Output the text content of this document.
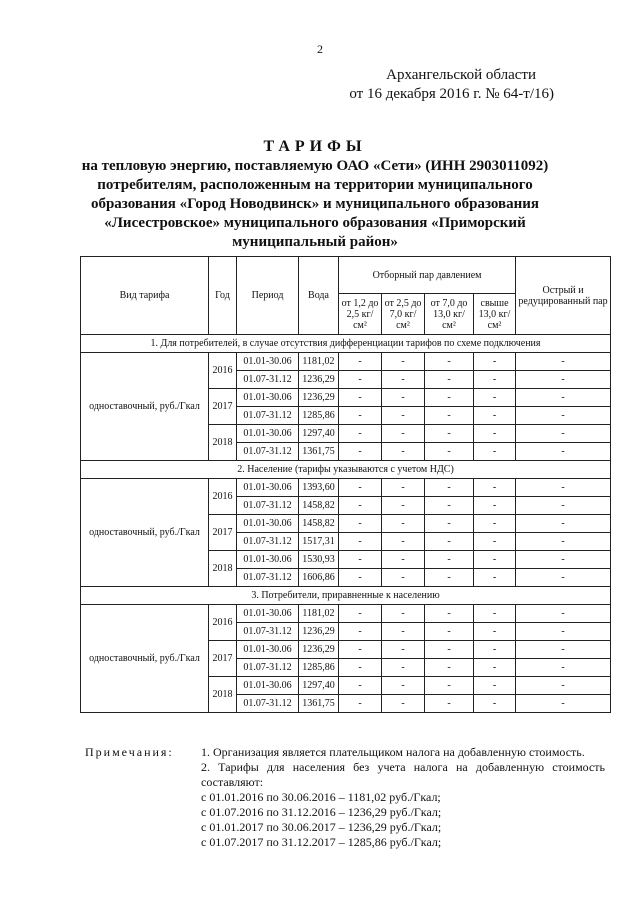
2
Архангельской области
от 16 декабря 2016 г. № 64-т/16)
ТАРИФЫ
на тепловую энергию, поставляемую ОАО «Сети» (ИНН 2903011092)
потребителям, расположенным на территории муниципального
образования «Город Новодвинск» и муниципального образования
«Лисестровское» муниципального образования «Приморский
муниципальный район»
Вид тарифа	Год	Период	Вода	Отборный пар давлением				Острый и редуцированный пар
				от 1,2 до 2,5 кг/см²	от 2,5 до 7,0 кг/см²	от 7,0 до 13,0 кг/см²	свыше 13,0 кг/см²	
1. Для потребителей, в случае отсутствия дифференциации тарифов по схеме подключения								
одноставочный, руб./Гкал	2016	01.01-30.06	1181,02	-	-	-	-	-
		01.07-31.12	1236,29	-	-	-	-	-
	2017	01.01-30.06	1236,29	-	-	-	-	-
		01.07-31.12	1285,86	-	-	-	-	-
	2018	01.01-30.06	1297,40	-	-	-	-	-
		01.07-31.12	1361,75	-	-	-	-	-
2. Население (тарифы указываются с учетом НДС)								
одноставочный, руб./Гкал	2016	01.01-30.06	1393,60	-	-	-	-	-
		01.07-31.12	1458,82	-	-	-	-	-
	2017	01.01-30.06	1458,82	-	-	-	-	-
		01.07-31.12	1517,31	-	-	-	-	-
	2018	01.01-30.06	1530,93	-	-	-	-	-
		01.07-31.12	1606,86	-	-	-	-	-
3. Потребители, приравненные к населению								
одноставочный, руб./Гкал	2016	01.01-30.06	1181,02	-	-	-	-	-
		01.07-31.12	1236,29	-	-	-	-	-
	2017	01.01-30.06	1236,29	-	-	-	-	-
		01.07-31.12	1285,86	-	-	-	-	-
	2018	01.01-30.06	1297,40	-	-	-	-	-
		01.07-31.12	1361,75	-	-	-	-	-
Примечания: 1. Организация является плательщиком налога на добавленную стоимость.
2. Тарифы для населения без учета налога на добавленную стоимость составляют:
с 01.01.2016 по 30.06.2016 – 1181,02 руб./Гкал;
с 01.07.2016 по 31.12.2016 – 1236,29 руб./Гкал;
с 01.01.2017 по 30.06.2017 – 1236,29 руб./Гкал;
с 01.07.2017 по 31.12.2017 – 1285,86 руб./Гкал;
